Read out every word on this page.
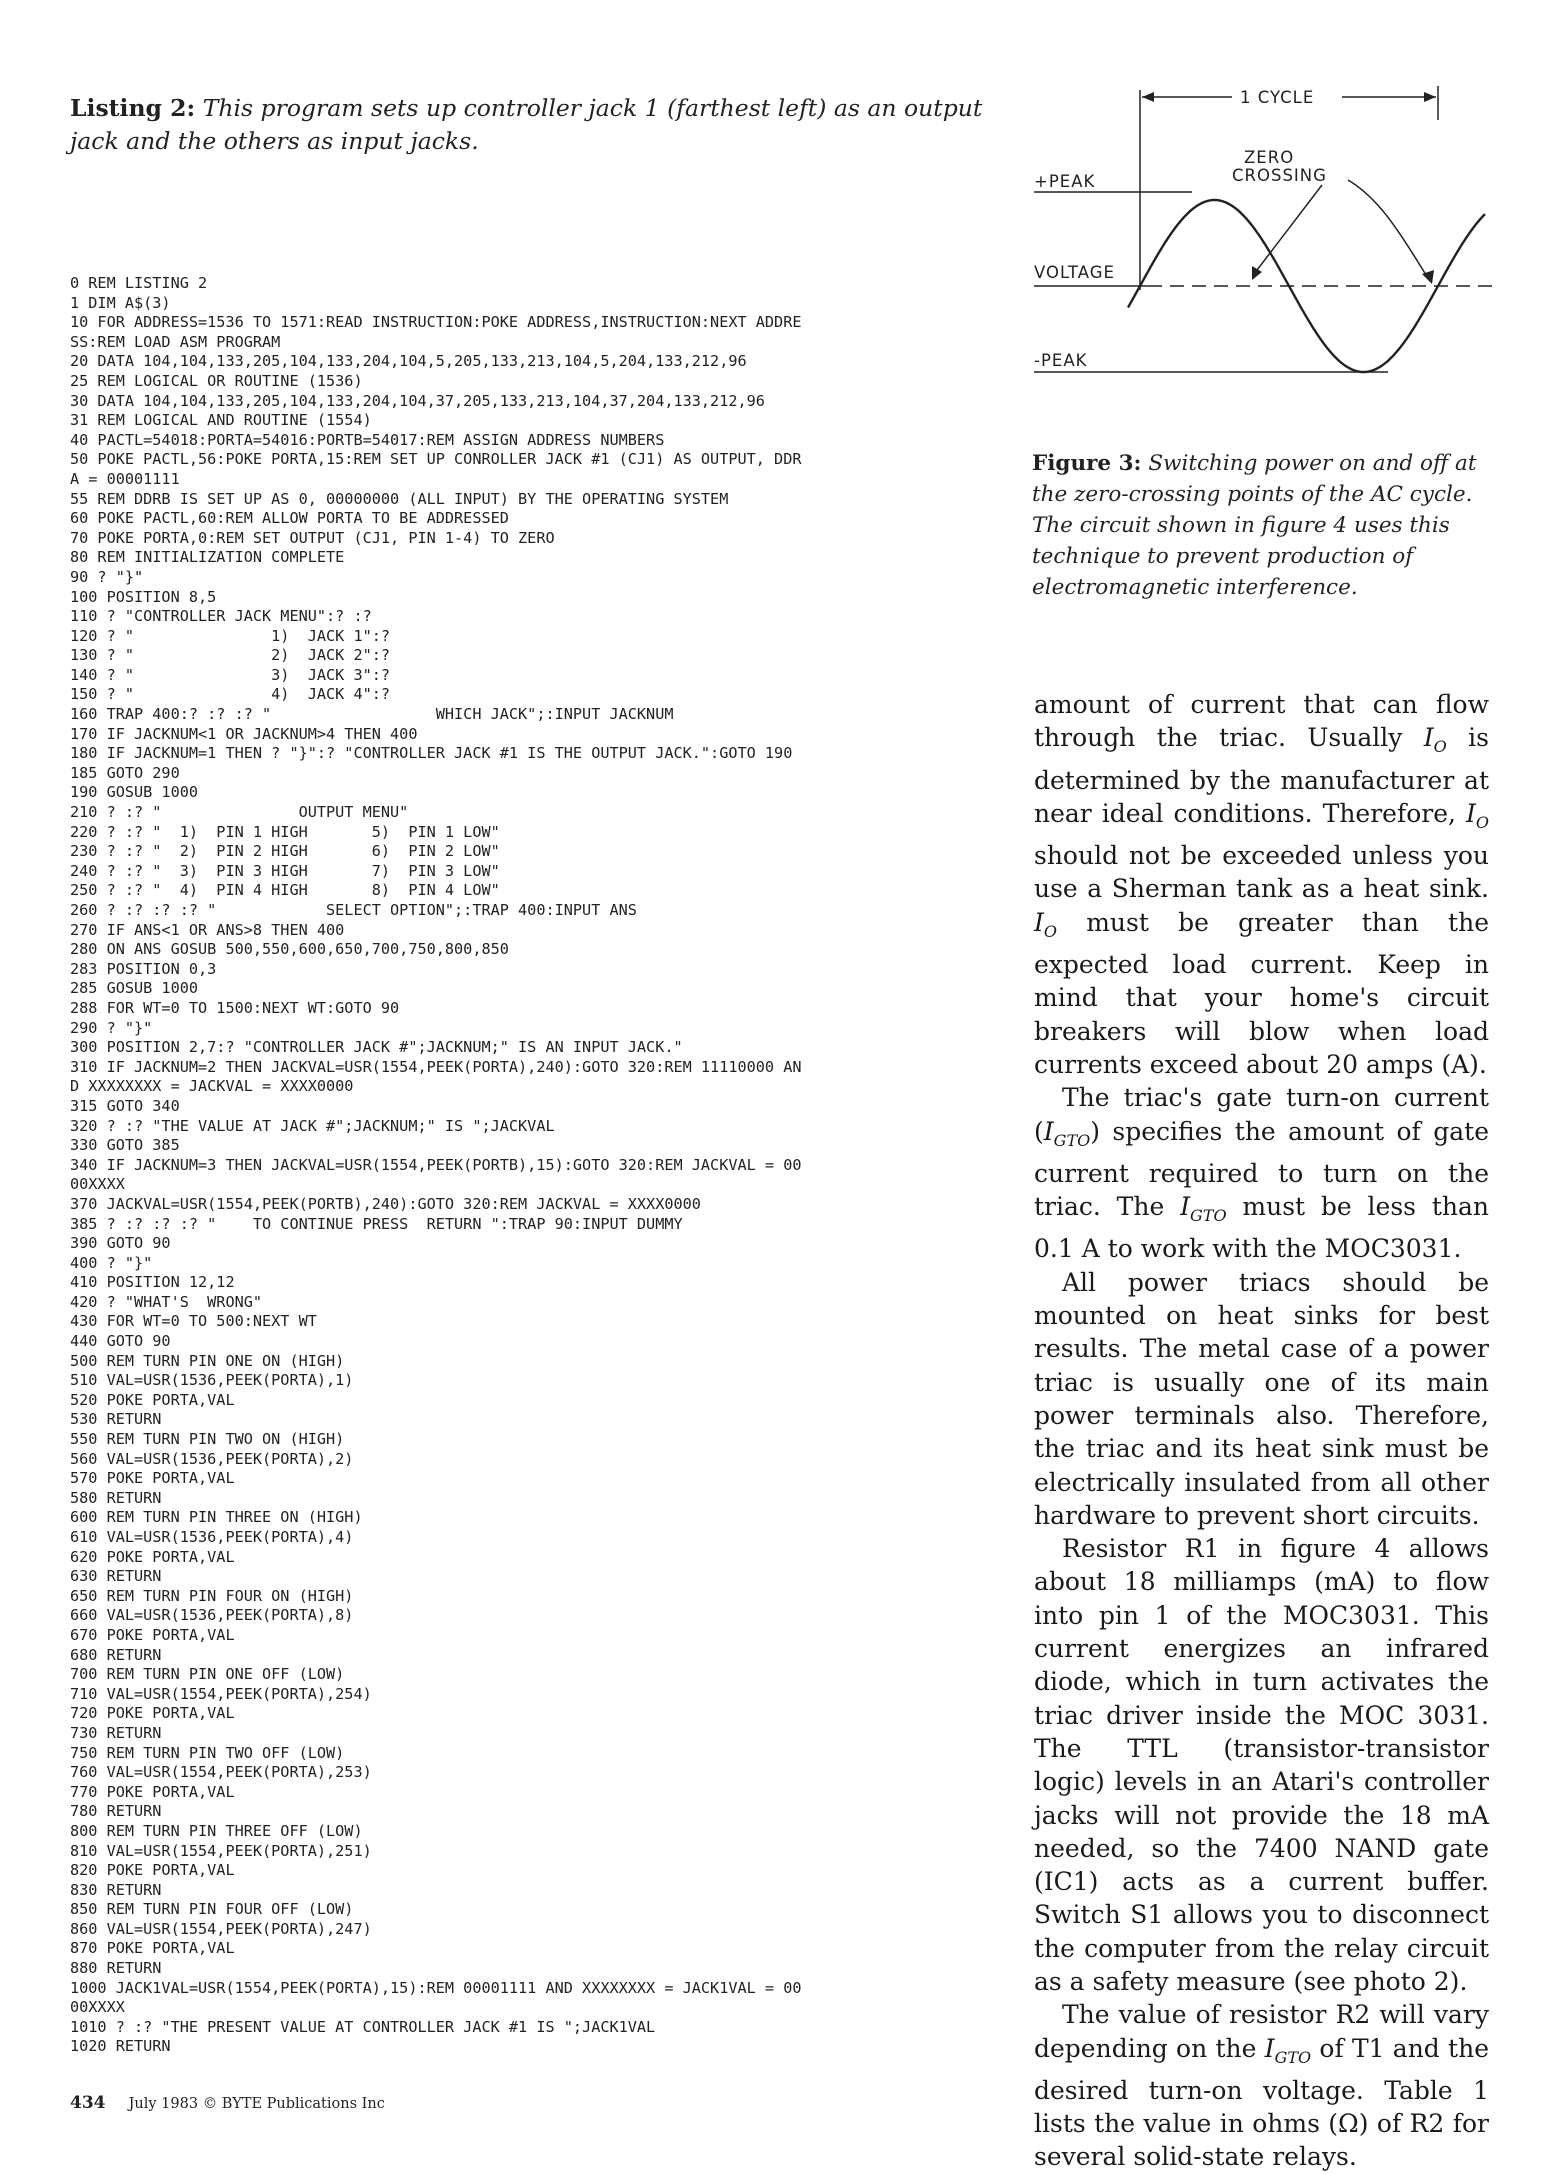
Listing 2: This program sets up controller jack 1 (farthest left) as an output jack and the others as input jacks.
0 REM LISTING 2
1 DIM A$(3)
10 FOR ADDRESS=1536 TO 1571:READ INSTRUCTION:POKE ADDRESS,INSTRUCTION:NEXT ADDRE
SS:REM LOAD ASM PROGRAM
20 DATA 104,104,133,205,104,133,204,104,5,205,133,213,104,5,204,133,212,96
25 REM LOGICAL OR ROUTINE (1536)
30 DATA 104,104,133,205,104,133,204,104,37,205,133,213,104,37,204,133,212,96
31 REM LOGICAL AND ROUTINE (1554)
40 PACTL=54018:PORTA=54016:PORTB=54017:REM ASSIGN ADDRESS NUMBERS
50 POKE PACTL,56:POKE PORTA,15:REM SET UP CONROLLER JACK #1 (CJ1) AS OUTPUT, DDR
A = 00001111
55 REM DDRB IS SET UP AS 0, 00000000 (ALL INPUT) BY THE OPERATING SYSTEM
60 POKE PACTL,60:REM ALLOW PORTA TO BE ADDRESSED
70 POKE PORTA,0:REM SET OUTPUT (CJ1, PIN 1-4) TO ZERO
80 REM INITIALIZATION COMPLETE
90 ? "}"
100 POSITION 8,5
110 ? "CONTROLLER JACK MENU":? :?
120 ? "               1)  JACK 1":?
130 ? "               2)  JACK 2":?
140 ? "               3)  JACK 3":?
150 ? "               4)  JACK 4":?
160 TRAP 400:? :? :? "                  WHICH JACK";:INPUT JACKNUM
170 IF JACKNUM<1 OR JACKNUM>4 THEN 400
180 IF JACKNUM=1 THEN ? "}":? "CONTROLLER JACK #1 IS THE OUTPUT JACK.":GOTO 190
185 GOTO 290
190 GOSUB 1000
210 ? :? "               OUTPUT MENU"
220 ? :? "  1)  PIN 1 HIGH       5)  PIN 1 LOW"
230 ? :? "  2)  PIN 2 HIGH       6)  PIN 2 LOW"
240 ? :? "  3)  PIN 3 HIGH       7)  PIN 3 LOW"
250 ? :? "  4)  PIN 4 HIGH       8)  PIN 4 LOW"
260 ? :? :? :? "            SELECT OPTION";:TRAP 400:INPUT ANS
270 IF ANS<1 OR ANS>8 THEN 400
280 ON ANS GOSUB 500,550,600,650,700,750,800,850
283 POSITION 0,3
285 GOSUB 1000
288 FOR WT=0 TO 1500:NEXT WT:GOTO 90
290 ? "}"
300 POSITION 2,7:? "CONTROLLER JACK #";JACKNUM;" IS AN INPUT JACK."
310 IF JACKNUM=2 THEN JACKVAL=USR(1554,PEEK(PORTA),240):GOTO 320:REM 11110000 AN
D XXXXXXXX = JACKVAL = XXXX0000
315 GOTO 340
320 ? :? "THE VALUE AT JACK #";JACKNUM;" IS ";JACKVAL
330 GOTO 385
340 IF JACKNUM=3 THEN JACKVAL=USR(1554,PEEK(PORTB),15):GOTO 320:REM JACKVAL = 00
00XXXX
370 JACKVAL=USR(1554,PEEK(PORTB),240):GOTO 320:REM JACKVAL = XXXX0000
385 ? :? :? :? "    TO CONTINUE PRESS  RETURN ":TRAP 90:INPUT DUMMY
390 GOTO 90
400 ? "}"
410 POSITION 12,12
420 ? "WHAT'S  WRONG"
430 FOR WT=0 TO 500:NEXT WT
440 GOTO 90
500 REM TURN PIN ONE ON (HIGH)
510 VAL=USR(1536,PEEK(PORTA),1)
520 POKE PORTA,VAL
530 RETURN
550 REM TURN PIN TWO ON (HIGH)
560 VAL=USR(1536,PEEK(PORTA),2)
570 POKE PORTA,VAL
580 RETURN
600 REM TURN PIN THREE ON (HIGH)
610 VAL=USR(1536,PEEK(PORTA),4)
620 POKE PORTA,VAL
630 RETURN
650 REM TURN PIN FOUR ON (HIGH)
660 VAL=USR(1536,PEEK(PORTA),8)
670 POKE PORTA,VAL
680 RETURN
700 REM TURN PIN ONE OFF (LOW)
710 VAL=USR(1554,PEEK(PORTA),254)
720 POKE PORTA,VAL
730 RETURN
750 REM TURN PIN TWO OFF (LOW)
760 VAL=USR(1554,PEEK(PORTA),253)
770 POKE PORTA,VAL
780 RETURN
800 REM TURN PIN THREE OFF (LOW)
810 VAL=USR(1554,PEEK(PORTA),251)
820 POKE PORTA,VAL
830 RETURN
850 REM TURN PIN FOUR OFF (LOW)
860 VAL=USR(1554,PEEK(PORTA),247)
870 POKE PORTA,VAL
880 RETURN
1000 JACK1VAL=USR(1554,PEEK(PORTA),15):REM 00001111 AND XXXXXXXX = JACK1VAL = 00
00XXXX
1010 ? :? "THE PRESENT VALUE AT CONTROLLER JACK #1 IS ";JACK1VAL
1020 RETURN
1 CYCLE
ZERO
CROSSING
+PEAK
VOLTAGE
-PEAK
Figure 3: Switching power on and off at the zero-crossing points of the AC cycle. The circuit shown in figure 4 uses this technique to prevent production of electromagnetic interference.

amount of current that can flow through the triac. Usually $I_O$ is determined by the manufacturer at near ideal conditions. Therefore, $I_O$ should not be exceeded unless you use a Sherman tank as a heat sink. $I_O$ must be greater than the expected load current. Keep in mind that your home's circuit breakers will blow when load currents exceed about 20 amps (A).

The triac's gate turn-on current $(I_{GTO})$ specifies the amount of gate current required to turn on the triac. The $I_{GTO}$ must be less than 0.1 A to work with the MOC3031.

All power triacs should be mounted on heat sinks for best results. The metal case of a power triac is usually one of its main power terminals also. Therefore, the triac and its heat sink must be electrically insulated from all other hardware to prevent short circuits.

Resistor R1 in figure 4 allows about 18 milliamps (mA) to flow into pin 1 of the MOC3031. This current energizes an infrared diode, which in turn activates the triac driver inside the MOC 3031. The TTL (transistor-transistor logic) levels in an Atari's controller jacks will not provide the 18 mA needed, so the 7400 NAND gate (IC1) acts as a current buffer. Switch S1 allows you to disconnect the computer from the relay circuit as a safety measure (see photo 2).

The value of resistor R2 will vary depending on the $I_{GTO}$ of T1 and the desired turn-on voltage. Table 1 lists the value in ohms (Ω) of R2 for several solid-state relays.

434 July 1983 © BYTE Publications Inc
